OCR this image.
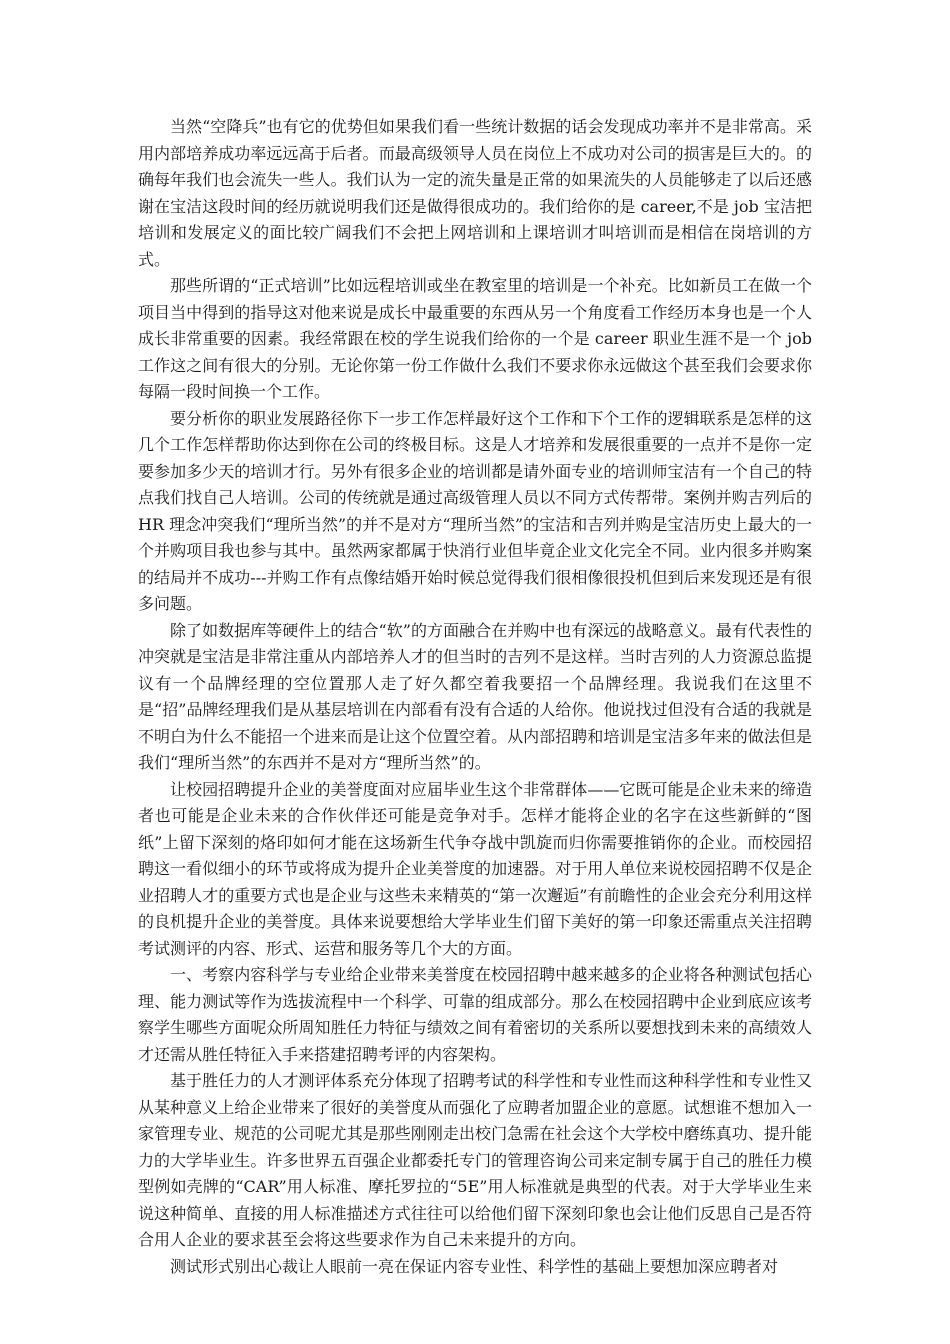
当然“空降兵”也有它的优势但如果我们看一些统计数据的话会发现成功率并不是非常高。采用内部培养成功率远远高于后者。而最高级领导人员在岗位上不成功对公司的损害是巨大的。的确每年我们也会流失一些人。我们认为一定的流失量是正常的如果流失的人员能够走了以后还感谢在宝洁这段时间的经历就说明我们还是做得很成功的。我们给你的是 career,不是 job 宝洁把培训和发展定义的面比较广阔我们不会把上网培训和上课培训才叫培训而是相信在岗培训的方式。

那些所谓的“正式培训”比如远程培训或坐在教室里的培训是一个补充。比如新员工在做一个项目当中得到的指导这对他来说是成长中最重要的东西从另一个角度看工作经历本身也是一个人成长非常重要的因素。我经常跟在校的学生说我们给你的一个是 career 职业生涯不是一个 job 工作这之间有很大的分别。无论你第一份工作做什么我们不要求你永远做这个甚至我们会要求你每隔一段时间换一个工作。

要分析你的职业发展路径你下一步工作怎样最好这个工作和下个工作的逻辑联系是怎样的这几个工作怎样帮助你达到你在公司的终极目标。这是人才培养和发展很重要的一点并不是你一定要参加多少天的培训才行。另外有很多企业的培训都是请外面专业的培训师宝洁有一个自己的特点我们找自己人培训。公司的传统就是通过高级管理人员以不同方式传帮带。案例并购吉列后的 HR 理念冲突我们“理所当然”的并不是对方“理所当然”的宝洁和吉列并购是宝洁历史上最大的一个并购项目我也参与其中。虽然两家都属于快消行业但毕竟企业文化完全不同。业内很多并购案的结局并不成功---并购工作有点像结婚开始时候总觉得我们很相像很投机但到后来发现还是有很多问题。

除了如数据库等硬件上的结合“软”的方面融合在并购中也有深远的战略意义。最有代表性的冲突就是宝洁是非常注重从内部培养人才的但当时的吉列不是这样。当时吉列的人力资源总监提议有一个品牌经理的空位置那人走了好久都空着我要招一个品牌经理。我说我们在这里不是“招”品牌经理我们是从基层培训在内部看有没有合适的人给你。他说找过但没有合适的我就是不明白为什么不能招一个进来而是让这个位置空着。从内部招聘和培训是宝洁多年来的做法但是我们“理所当然”的东西并不是对方“理所当然”的。

让校园招聘提升企业的美誉度面对应届毕业生这个非常群体——它既可能是企业未来的缔造者也可能是企业未来的合作伙伴还可能是竞争对手。怎样才能将企业的名字在这些新鲜的“图纸”上留下深刻的烙印如何才能在这场新生代争夺战中凯旋而归你需要推销你的企业。而校园招聘这一看似细小的环节或将成为提升企业美誉度的加速器。对于用人单位来说校园招聘不仅是企业招聘人才的重要方式也是企业与这些未来精英的“第一次邂逅”有前瞻性的企业会充分利用这样的良机提升企业的美誉度。具体来说要想给大学毕业生们留下美好的第一印象还需重点关注招聘考试测评的内容、形式、运营和服务等几个大的方面。

一、考察内容科学与专业给企业带来美誉度在校园招聘中越来越多的企业将各种测试包括心理、能力测试等作为选拔流程中一个科学、可靠的组成部分。那么在校园招聘中企业到底应该考察学生哪些方面呢众所周知胜任力特征与绩效之间有着密切的关系所以要想找到未来的高绩效人才还需从胜任特征入手来搭建招聘考评的内容架构。

基于胜任力的人才测评体系充分体现了招聘考试的科学性和专业性而这种科学性和专业性又从某种意义上给企业带来了很好的美誉度从而强化了应聘者加盟企业的意愿。试想谁不想加入一家管理专业、规范的公司呢尤其是那些刚刚走出校门急需在社会这个大学校中磨练真功、提升能力的大学毕业生。许多世界五百强企业都委托专门的管理咨询公司来定制专属于自己的胜任力模型例如壳牌的“CAR”用人标准、摩托罗拉的“5E”用人标准就是典型的代表。对于大学毕业生来说这种简单、直接的用人标准描述方式往往可以给他们留下深刻印象也会让他们反思自己是否符合用人企业的要求甚至会将这些要求作为自己未来提升的方向。

测试形式别出心裁让人眼前一亮在保证内容专业性、科学性的基础上要想加深应聘者对
